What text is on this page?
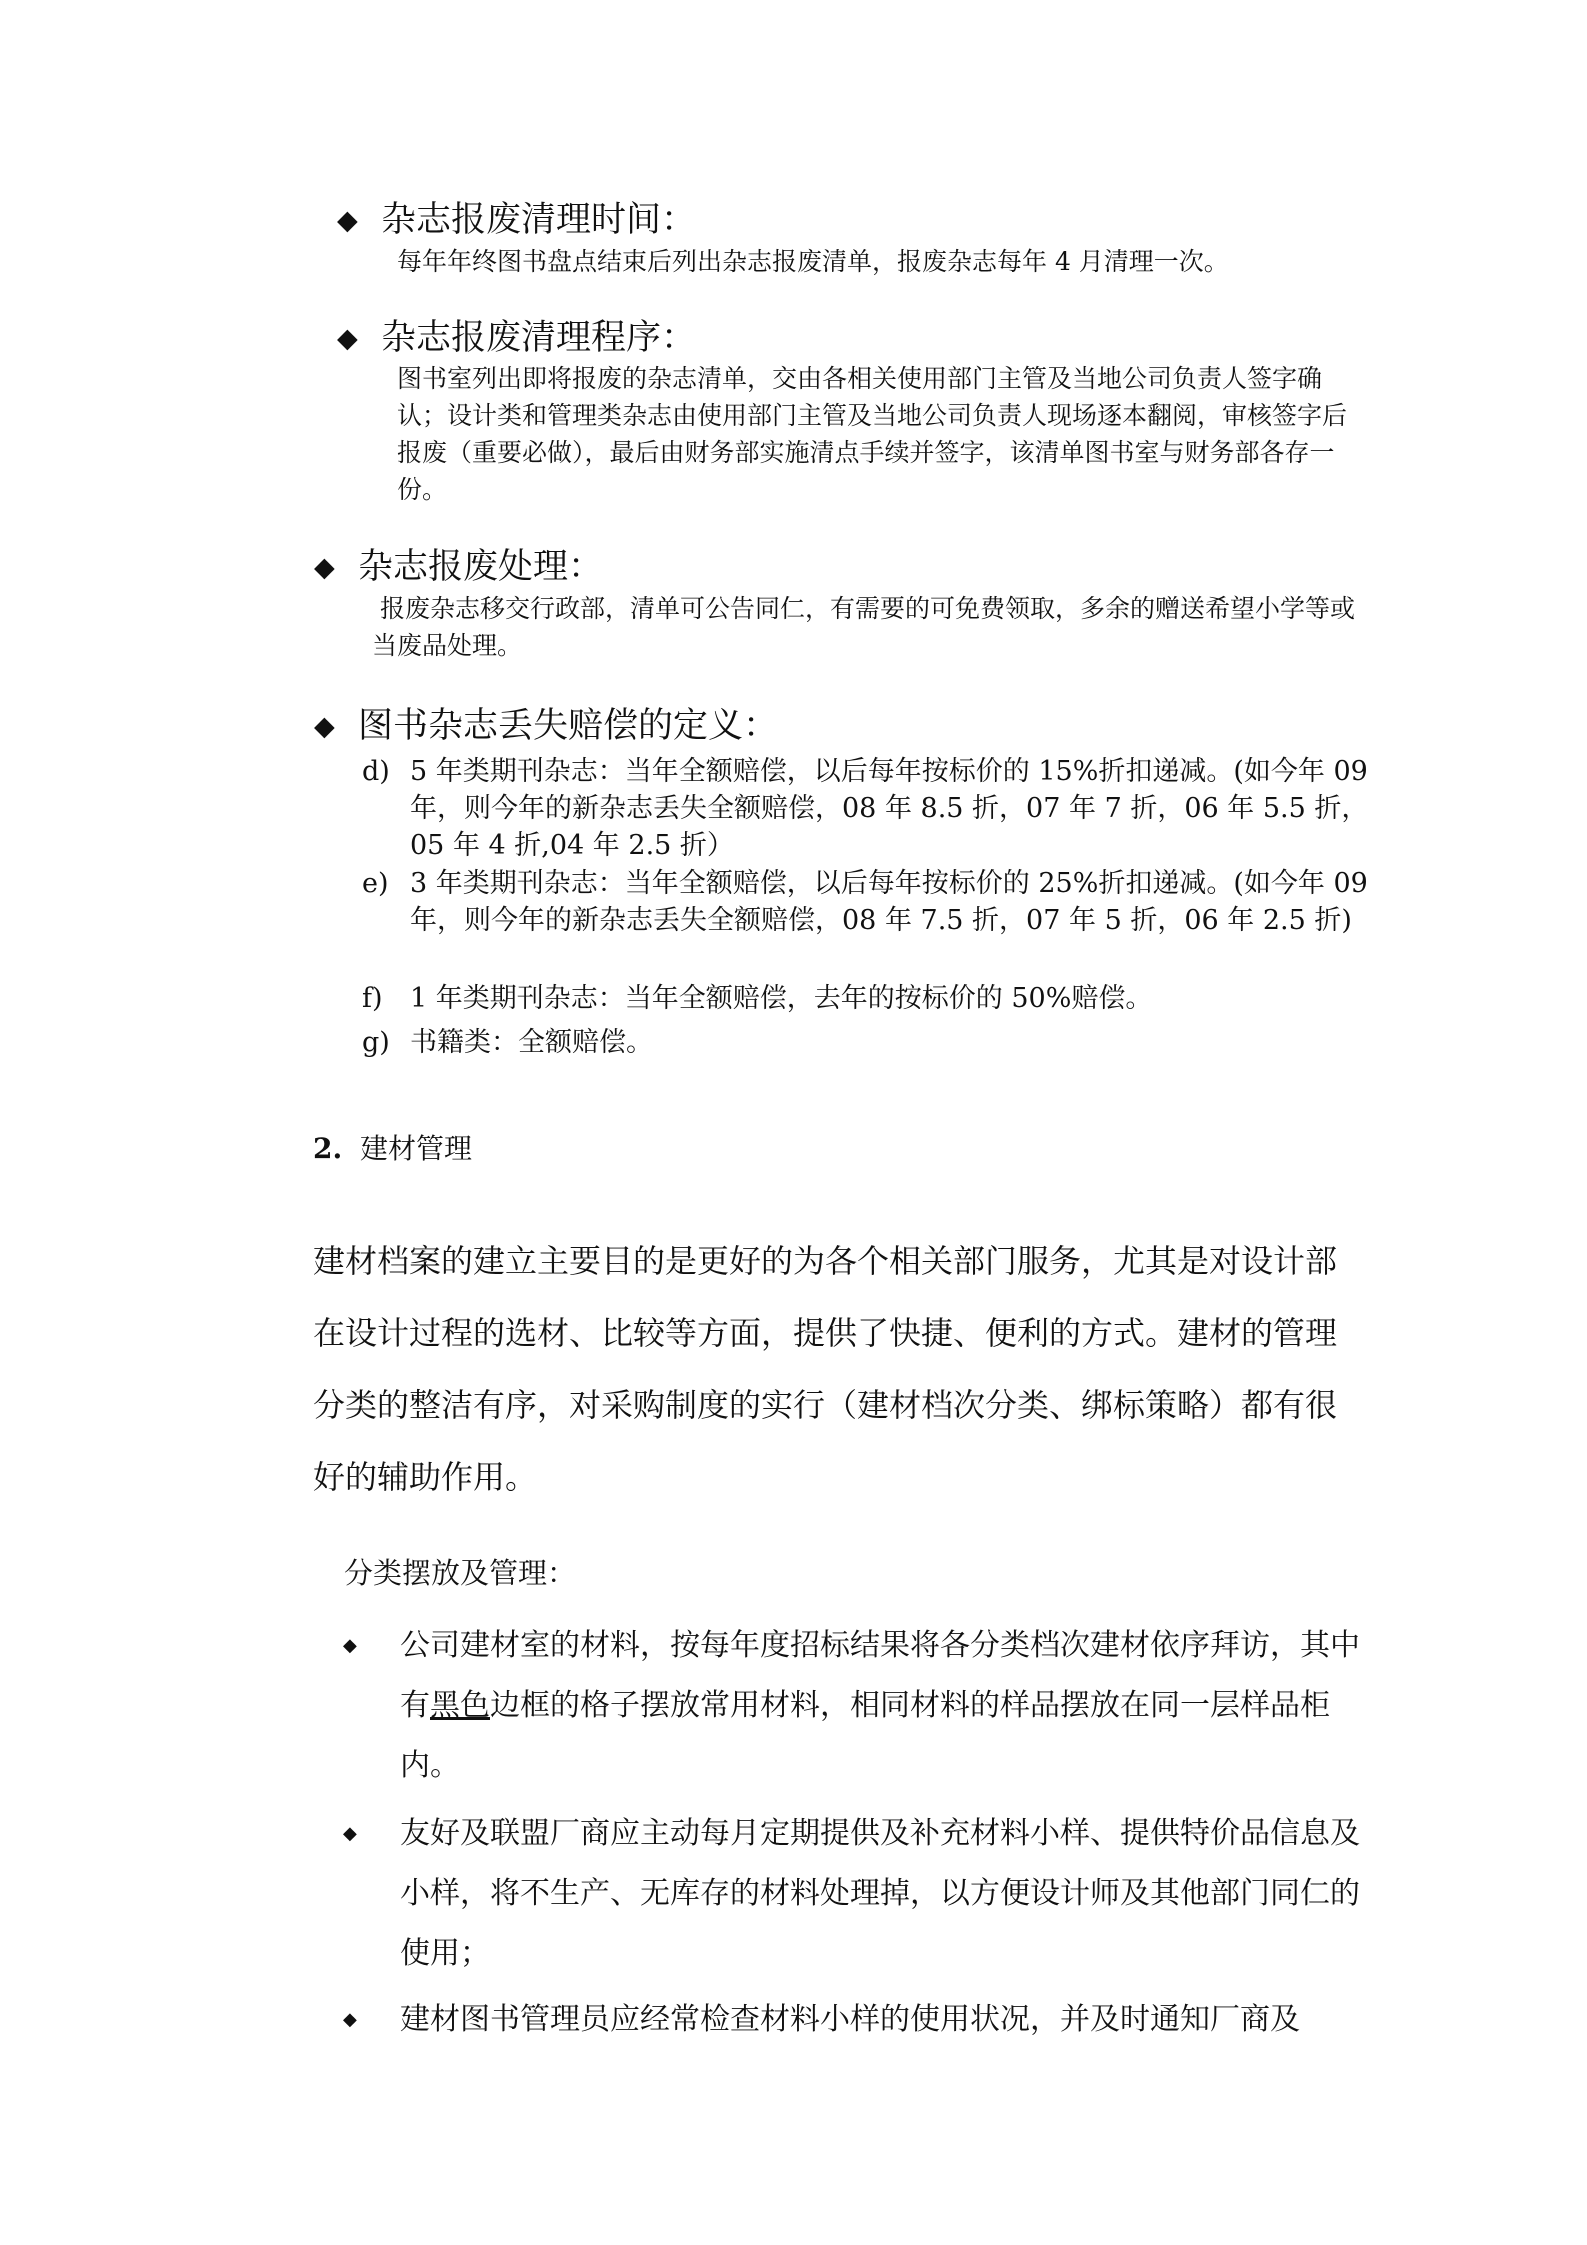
◆ 杂志报废清理时间：
每年年终图书盘点结束后列出杂志报废清单，报废杂志每年 4 月清理一次。
◆ 杂志报废清理程序：
图书室列出即将报废的杂志清单，交由各相关使用部门主管及当地公司负责人签字确认；设计类和管理类杂志由使用部门主管及当地公司负责人现场逐本翻阅，审核签字后报废（重要必做），最后由财务部实施清点手续并签字，该清单图书室与财务部各存一份。
◆ 杂志报废处理：
报废杂志移交行政部，清单可公告同仁，有需要的可免费领取，多余的赠送希望小学等或当废品处理。
◆ 图书杂志丢失赔偿的定义：
d) 5 年类期刊杂志：当年全额赔偿，以后每年按标价的 15%折扣递减。(如今年 09 年，则今年的新杂志丢失全额赔偿，08 年 8.5 折，07 年 7 折，06 年 5.5 折，05 年 4 折,04 年 2.5 折）
e) 3 年类期刊杂志：当年全额赔偿，以后每年按标价的 25%折扣递减。(如今年 09 年，则今年的新杂志丢失全额赔偿，08 年 7.5 折，07 年 5 折，06 年 2.5 折)
f)	1 年类期刊杂志：当年全额赔偿，去年的按标价的 50%赔偿。
g) 书籍类：全额赔偿。
2. 建材管理
建材档案的建立主要目的是更好的为各个相关部门服务，尤其是对设计部在设计过程的选材、比较等方面，提供了快捷、便利的方式。建材的管理分类的整洁有序，对采购制度的实行（建材档次分类、绑标策略）都有很好的辅助作用。
分类摆放及管理：
◆ 公司建材室的材料，按每年度招标结果将各分类档次建材依序拜访，其中有黑色边框的格子摆放常用材料，相同材料的样品摆放在同一层样品柜内。
◆ 友好及联盟厂商应主动每月定期提供及补充材料小样、提供特价品信息及小样，将不生产、无库存的材料处理掉，以方便设计师及其他部门同仁的使用；
◆ 建材图书管理员应经常检查材料小样的使用状况，并及时通知厂商及
